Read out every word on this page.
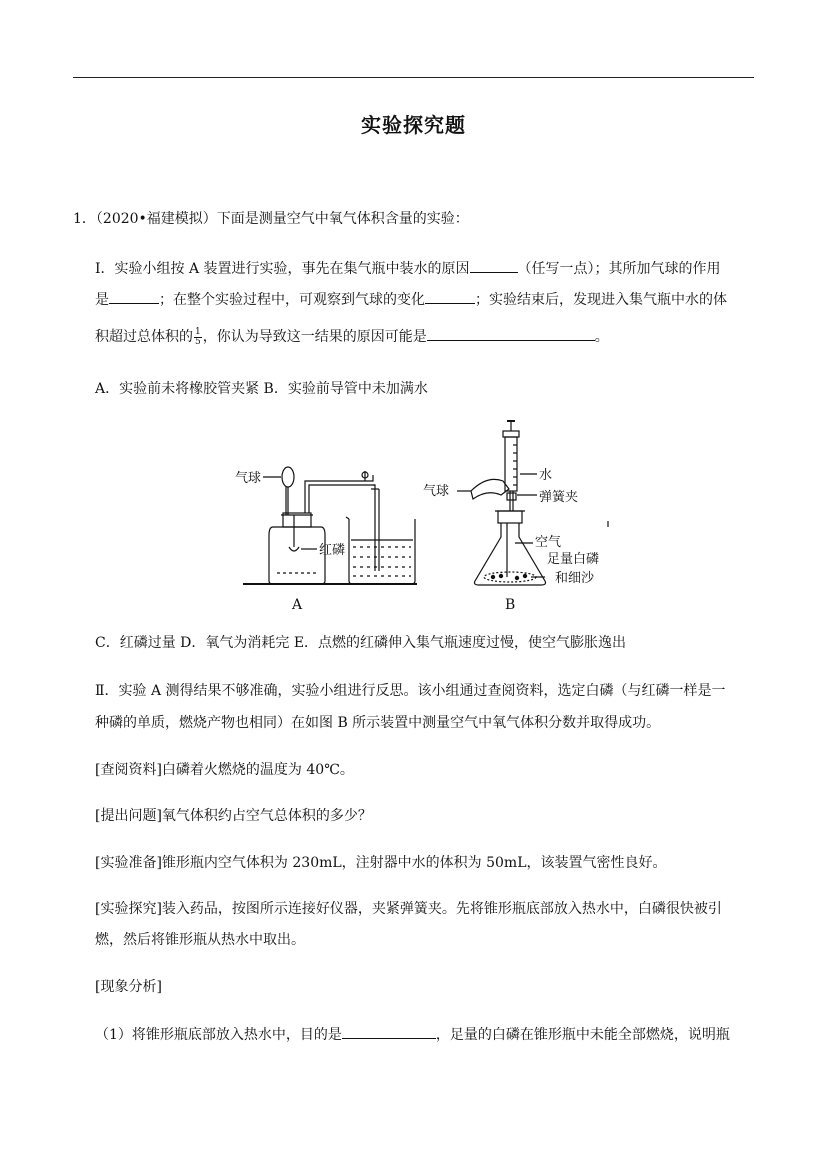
实验探究题
1．（2020•福建模拟）下面是测量空气中氧气体积含量的实验：
Ⅰ．实验小组按 A 装置进行实验，事先在集气瓶中装水的原因	（任写一点）；其所加气球的作用
是	；在整个实验过程中，可观察到气球的变化	；实验结束后，发现进入集气瓶中水的体
积超过总体积的 $\frac{1}{5}$ ，你认为导致这一结果的原因可能是	。
A．实验前未将橡胶管夹紧 B．实验前导管中未加满水
气球
红磷
A
水
气球	弹簧夹
空气
足量白磷
和细沙
B
C．红磷过量 D．氧气为消耗完 E．点燃的红磷伸入集气瓶速度过慢，使空气膨胀逸出
Ⅱ．实验 A 测得结果不够准确，实验小组进行反思。该小组通过查阅资料，选定白磷（与红磷一样是一
种磷的单质，燃烧产物也相同）在如图 B 所示装置中测量空气中氧气体积分数并取得成功。
[查阅资料]白磷着火燃烧的温度为 40℃。
[提出问题]氧气体积约占空气总体积的多少？
[实验准备]锥形瓶内空气体积为 230mL，注射器中水的体积为 50mL，该装置气密性良好。
[实验探究]装入药品，按图所示连接好仪器，夹紧弹簧夹。先将锥形瓶底部放入热水中，白磷很快被引
燃，然后将锥形瓶从热水中取出。
[现象分析]
（1）将锥形瓶底部放入热水中，目的是	，足量的白磷在锥形瓶中未能全部燃烧，说明瓶
